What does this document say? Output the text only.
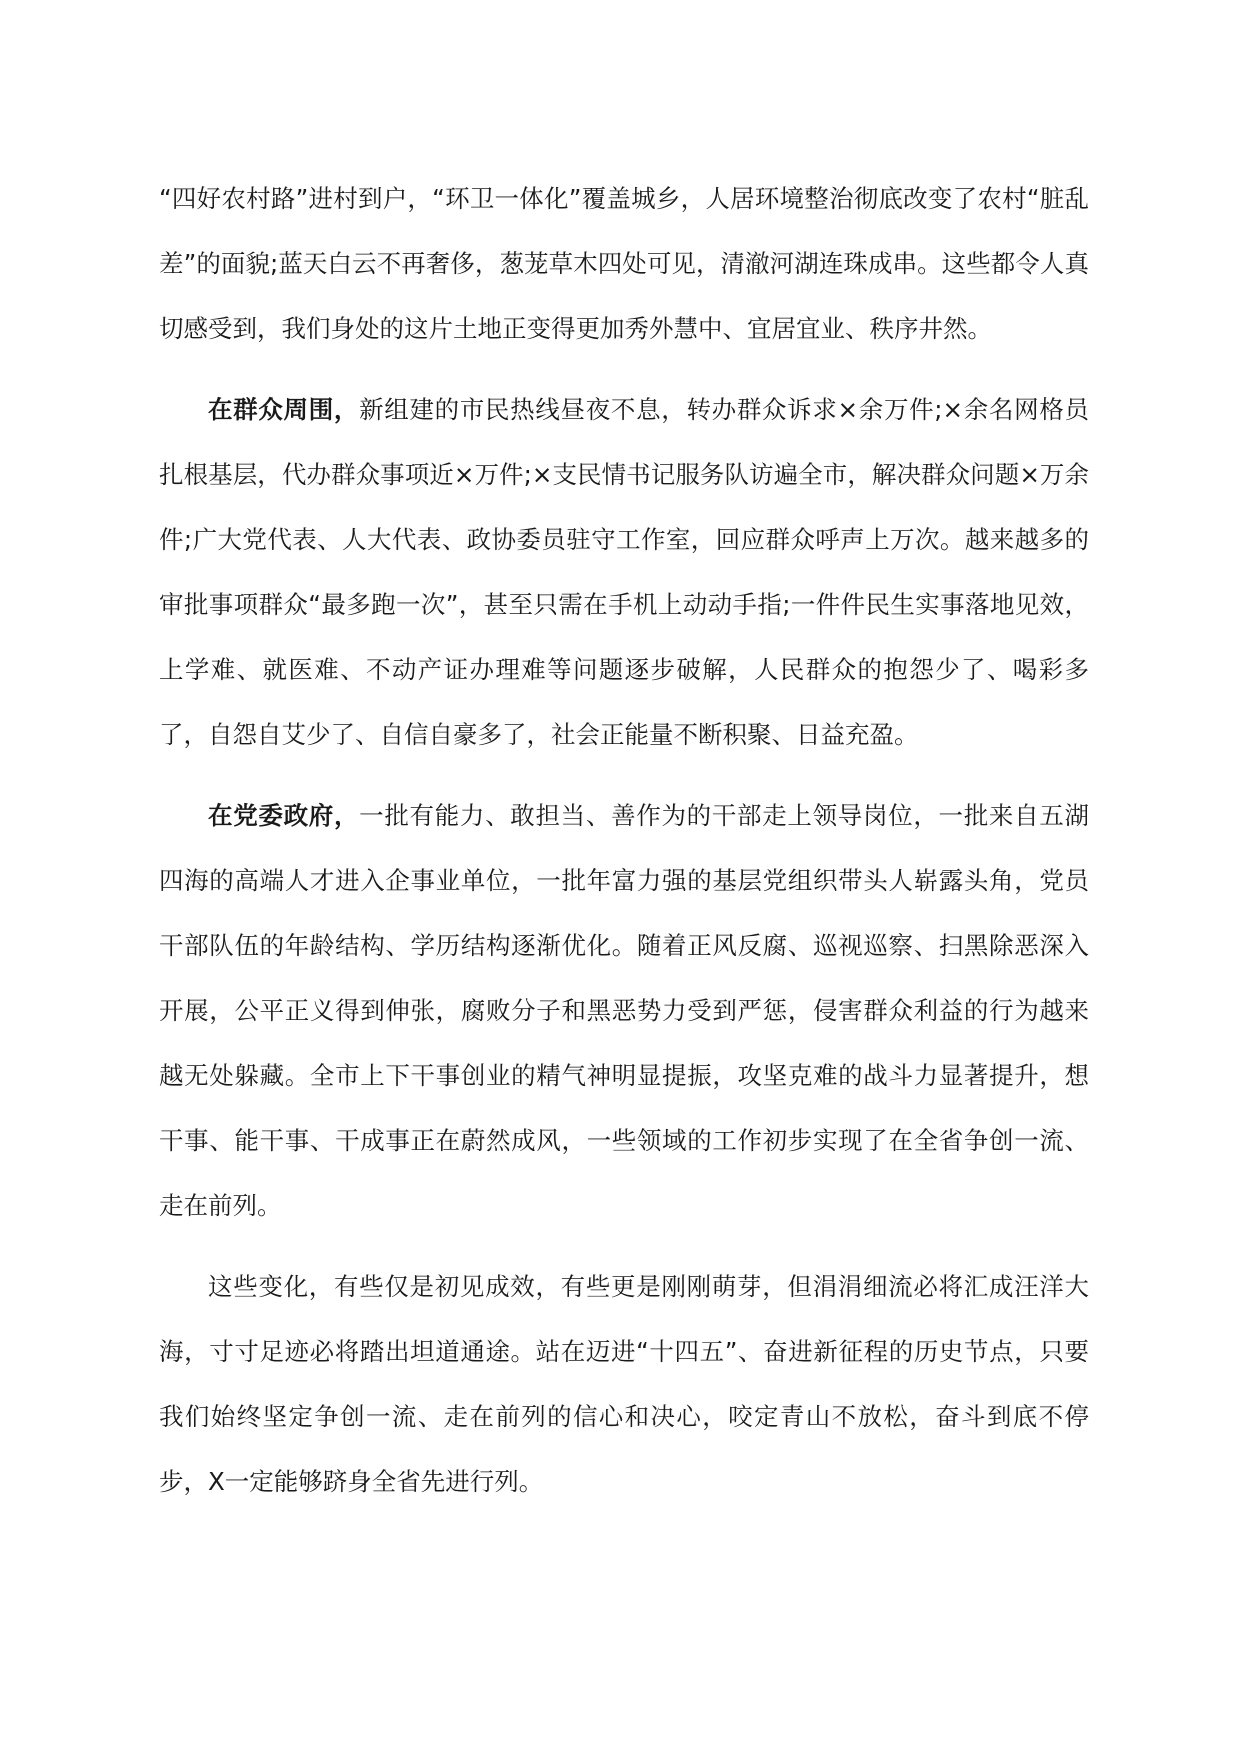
“四好农村路”进村到户，“环卫一体化”覆盖城乡，人居环境整治彻底改变了农村“脏乱差”的面貌;蓝天白云不再奢侈，葱茏草木四处可见，清澈河湖连珠成串。这些都令人真切感受到，我们身处的这片土地正变得更加秀外慧中、宜居宜业、秩序井然。

在群众周围，新组建的市民热线昼夜不息，转办群众诉求×余万件;×余名网格员扎根基层，代办群众事项近×万件;×支民情书记服务队访遍全市，解决群众问题×万余件;广大党代表、人大代表、政协委员驻守工作室，回应群众呼声上万次。越来越多的审批事项群众“最多跑一次”，甚至只需在手机上动动手指;一件件民生实事落地见效，上学难、就医难、不动产证办理难等问题逐步破解，人民群众的抱怨少了、喝彩多了，自怨自艾少了、自信自豪多了，社会正能量不断积聚、日益充盈。

在党委政府，一批有能力、敢担当、善作为的干部走上领导岗位，一批来自五湖四海的高端人才进入企事业单位，一批年富力强的基层党组织带头人崭露头角，党员干部队伍的年龄结构、学历结构逐渐优化。随着正风反腐、巡视巡察、扫黑除恶深入开展，公平正义得到伸张，腐败分子和黑恶势力受到严惩，侵害群众利益的行为越来越无处躲藏。全市上下干事创业的精气神明显提振，攻坚克难的战斗力显著提升，想干事、能干事、干成事正在蔚然成风，一些领域的工作初步实现了在全省争创一流、走在前列。

这些变化，有些仅是初见成效，有些更是刚刚萌芽，但涓涓细流必将汇成汪洋大海，寸寸足迹必将踏出坦道通途。站在迈进“十四五”、奋进新征程的历史节点，只要我们始终坚定争创一流、走在前列的信心和决心，咬定青山不放松，奋斗到底不停步，X一定能够跻身全省先进行列。
